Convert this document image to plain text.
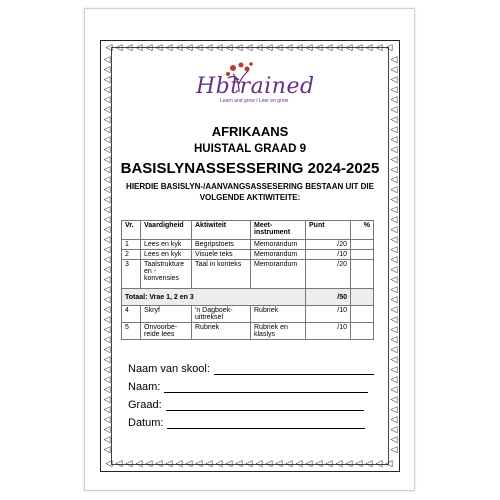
◁ ◁ ◁ ◁ ◁ ◁ ◁ ◁ ◁ ◁ ◁ ◁ ◁ ◁ ◁ ◁ ◁ ◁ ◁ ◁ ◁ ◁ ◁ ◁ ◁ ◁ ◁ ◁ ◁
◁ ◁ ◁ ◁ ◁ ◁ ◁ ◁ ◁ ◁ ◁ ◁ ◁ ◁ ◁ ◁ ◁ ◁ ◁ ◁ ◁ ◁ ◁ ◁ ◁ ◁ ◁ ◁ ◁
◁
◁
◁
◁
◁
◁
◁
◁
◁
◁
◁
◁
◁
◁
◁
◁
◁
◁
◁
◁
◁
◁
◁
◁
◁
◁
◁
◁
◁
◁
◁
◁
◁
◁
◁
◁
◁
◁
◁
◁
◁
◁
◁
◁
◁
◁
◁
◁
◁
◁
◁
◁
◁
◁
◁
◁
◁
◁
◁
◁
◁
◁
◁
◁
◁
◁
◁
◁
◁
◁
◁
◁
◁
◁
◁
◁
◁
◁
◁
◁
Hbtrained
Learn and grow / Leer en groei
AFRIKAANS
HUISTAAL GRAAD 9
BASISLYNASSESSERING 2024-2025
HIERDIE BASISLYN-/AANVANGSASSESERING BESTAAN UIT DIE VOLGENDE AKTIWITEITE:
Vr.	Vaardigheid	Aktiwiteit	Meet-
instrument	Punt	%
1	Lees en kyk	Begripstoets	Memorandum	/20	
2	Lees en kyk	Visuele teks	Memorandum	/10	
3	Taalstrukture en -
konvensies	Taal in konteks	Memorandum	/20	
Totaal: Vrae 1, 2 en 3				/50	
4	Skryf	'n Dagboek-
uittreksel	Rubriek	/10	
5	Onvoorbe-
reide lees	Rubriek	Rubriek en
klaslys	/10	
Naam van skool:
Naam:
Graad:
Datum:
